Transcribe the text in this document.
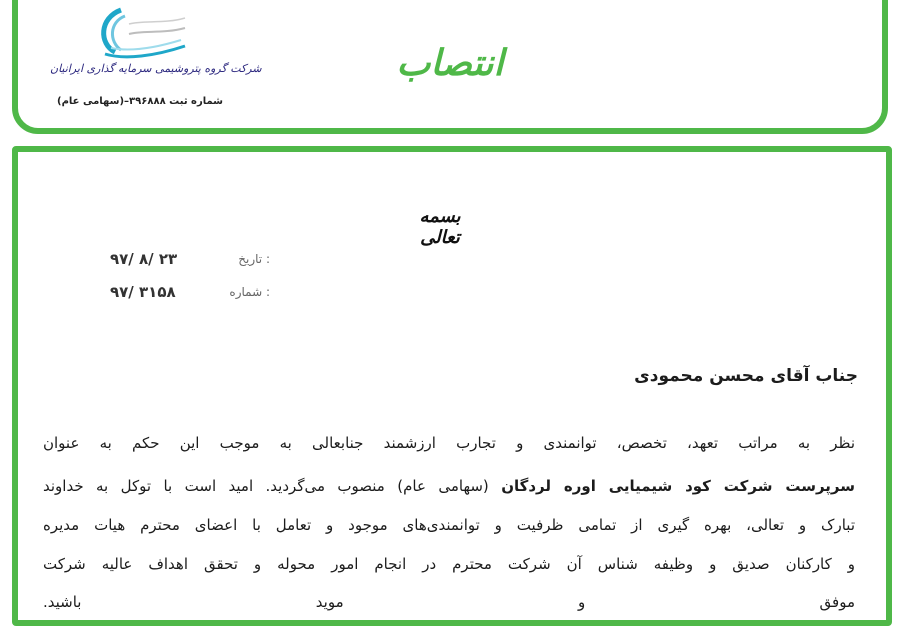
شرکت گروه پتروشیمی سرمایه گذاری ایرانیان
(سهامی عام)–شماره ثبت ۳۹۶۸۸۸
انتصاب
بسمه تعالی
تاریخ :
۹۷/ ۸/ ۲۳
شماره :
۹۷/ ۳۱۵۸
جناب آقای محسن محمودی
نظر به مراتب تعهد، تخصص، توانمندی و تجارب ارزشمند جنابعالی به موجب این حکم به عنوان
سرپرست شرکت کود شیمیایی اوره لردگان (سهامی عام) منصوب می‌گردید. امید است با توکل به خداوند
تبارک و تعالی، بهره گیری از تمامی ظرفیت و توانمندی‌های موجود و تعامل با اعضای محترم هیات مدیره
و کارکنان صدیق و وظیفه شناس آن شرکت محترم در انجام امور محوله و تحقق اهداف عالیه شرکت
موفق و موید باشید.
